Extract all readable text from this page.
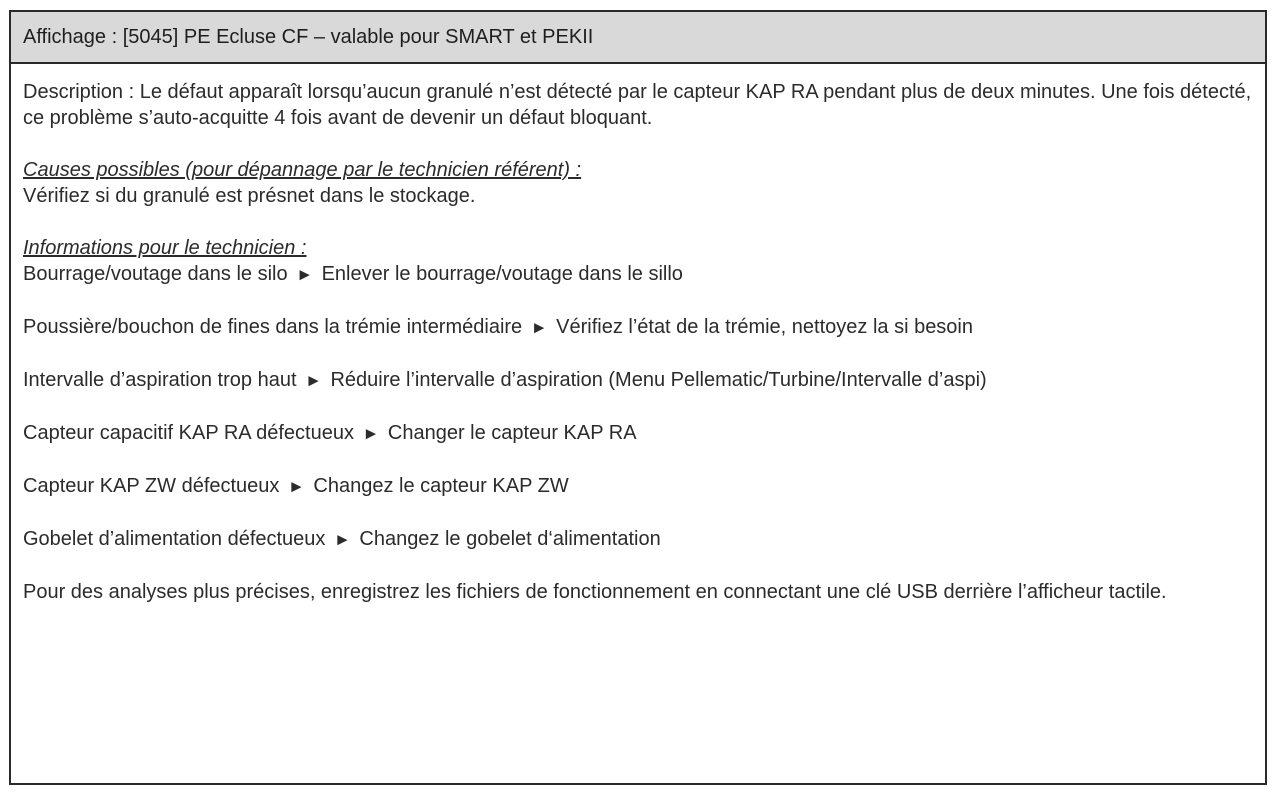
Affichage : [5045] PE Ecluse CF – valable pour SMART et PEKII

Description : Le défaut apparaît lorsqu’aucun granulé n’est détecté par le capteur KAP RA pendant plus de deux minutes. Une fois détecté, ce problème s’auto-acquitte 4 fois avant de devenir un défaut bloquant.

Causes possibles (pour dépannage par le technicien référent) :

Vérifiez si du granulé est présnet dans le stockage.

Informations pour le technicien :

Bourrage/voutage dans le silo ► Enlever le bourrage/voutage dans le sillo

Poussière/bouchon de fines dans la trémie intermédiaire ► Vérifiez l’état de la trémie, nettoyez la si besoin

Intervalle d’aspiration trop haut ► Réduire l’intervalle d’aspiration (Menu Pellematic/Turbine/Intervalle d’aspi)

Capteur capacitif KAP RA défectueux ► Changer le capteur KAP RA

Capteur KAP ZW défectueux ► Changez le capteur KAP ZW

Gobelet d’alimentation défectueux ► Changez le gobelet d‘alimentation

Pour des analyses plus précises, enregistrez les fichiers de fonctionnement en connectant une clé USB derrière l’afficheur tactile.
